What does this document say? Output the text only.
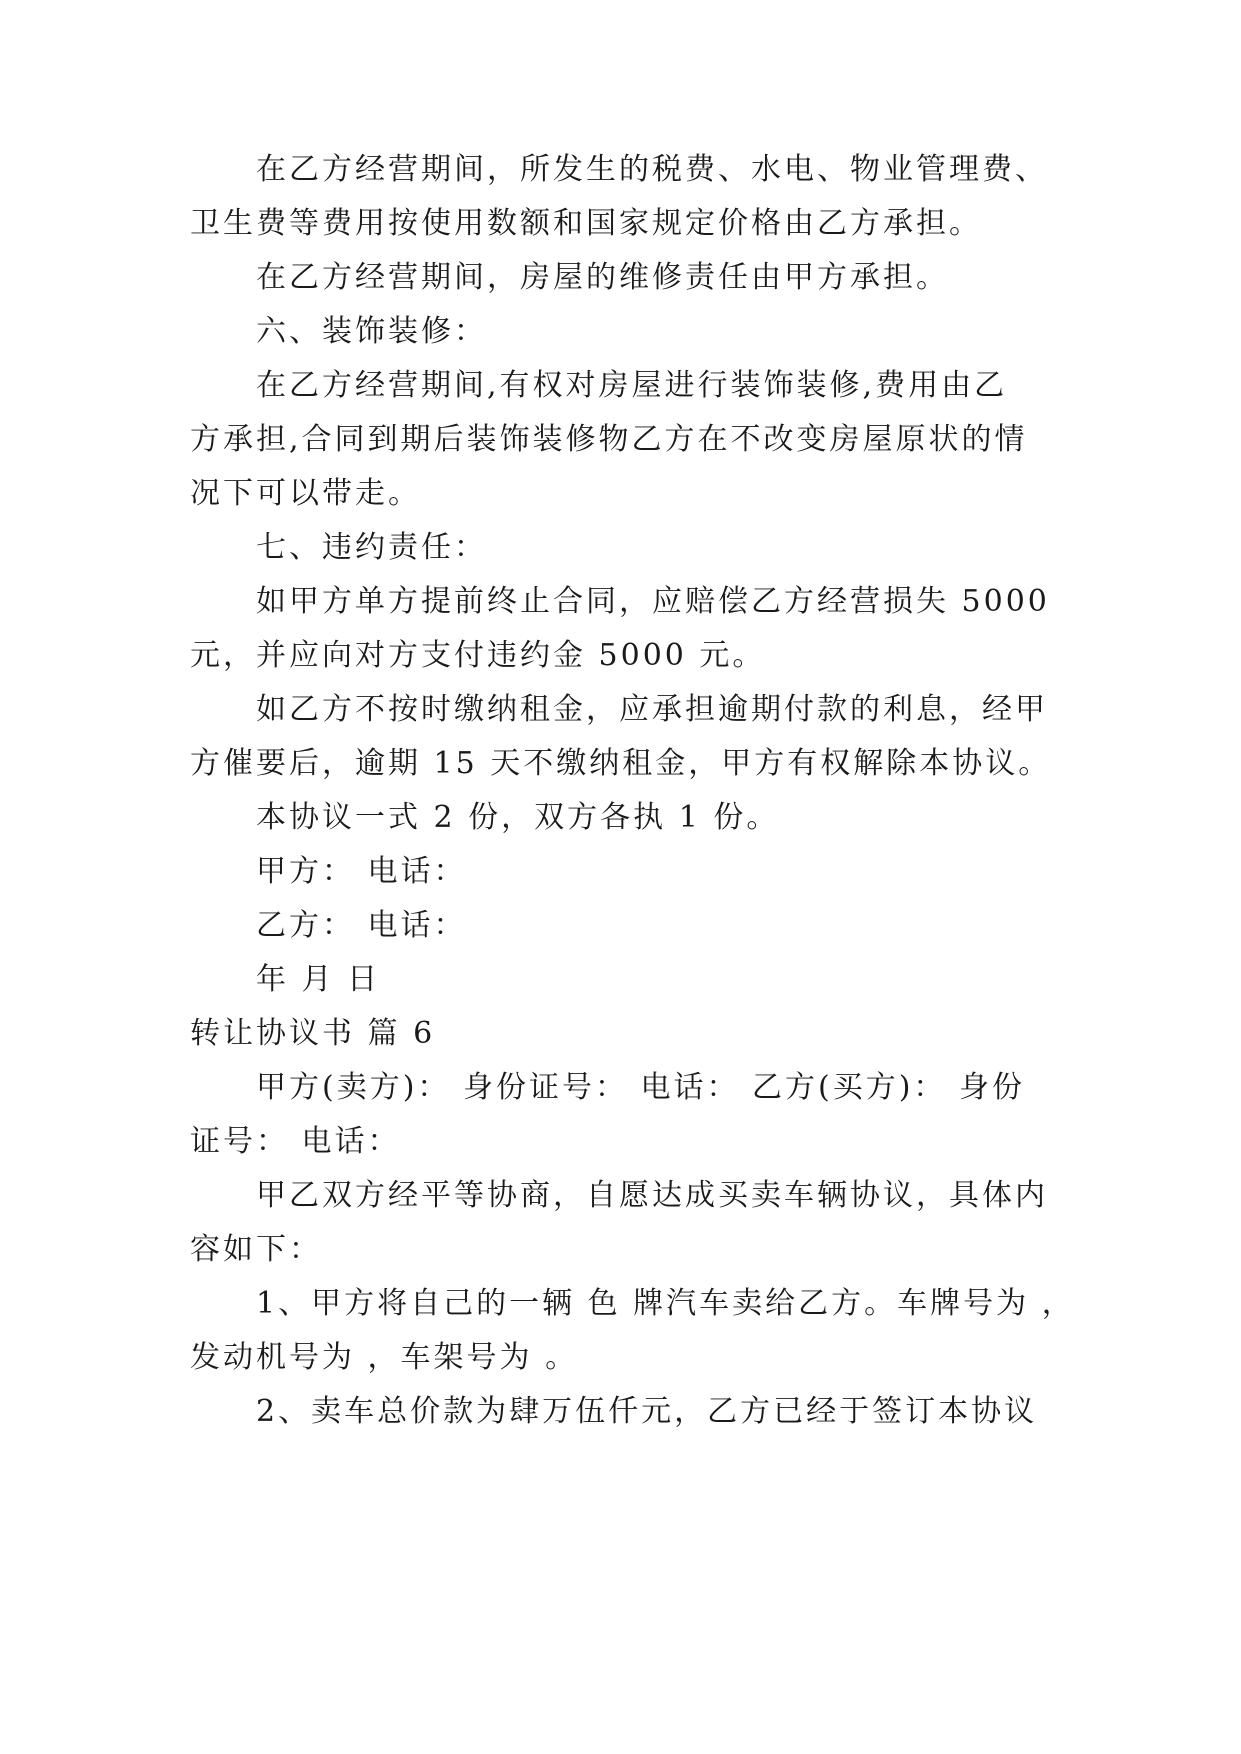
在乙方经营期间，所发生的税费、水电、物业管理费、
卫生费等费用按使用数额和国家规定价格由乙方承担。
在乙方经营期间，房屋的维修责任由甲方承担。
六、装饰装修：
在乙方经营期间,有权对房屋进行装饰装修,费用由乙
方承担,合同到期后装饰装修物乙方在不改变房屋原状的情
况下可以带走。
七、违约责任：
如甲方单方提前终止合同，应赔偿乙方经营损失 5000
元，并应向对方支付违约金 5000 元。
如乙方不按时缴纳租金，应承担逾期付款的利息，经甲
方催要后，逾期 15 天不缴纳租金，甲方有权解除本协议。
本协议一式 2 份，双方各执 1 份。
甲方： 电话：
乙方： 电话：
年 月 日
转让协议书 篇 6
甲方(卖方)： 身份证号： 电话： 乙方(买方)： 身份
证号： 电话：
甲乙双方经平等协商，自愿达成买卖车辆协议，具体内
容如下：
1、甲方将自己的一辆 色 牌汽车卖给乙方。车牌号为 ，
发动机号为 ，车架号为 。
2、卖车总价款为肆万伍仟元，乙方已经于签订本协议
